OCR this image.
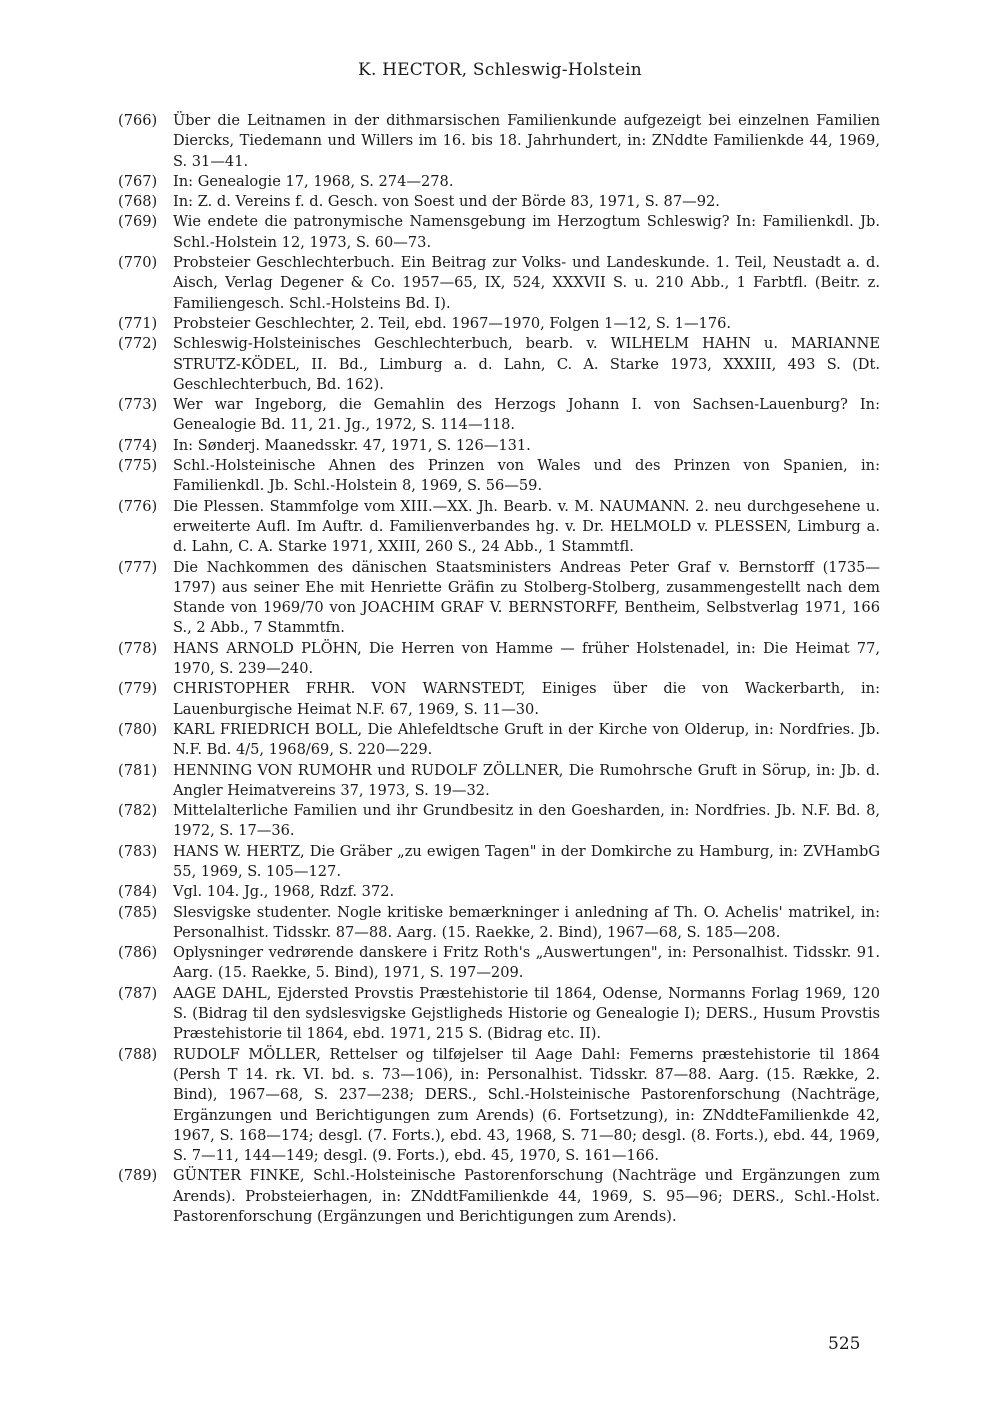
K. HECTOR, Schleswig-Holstein
(766)	Über die Leitnamen in der dithmarsischen Familienkunde aufgezeigt bei einzelnen Familien Diercks, Tiedemann und Willers im 16. bis 18. Jahrhundert, in: ZNddte Familienkde 44, 1969, S. 31—41.
(767)	In: Genealogie 17, 1968, S. 274—278.
(768)	In: Z. d. Vereins f. d. Gesch. von Soest und der Börde 83, 1971, S. 87—92.
(769)	Wie endete die patronymische Namensgebung im Herzogtum Schleswig? In: Familienkdl. Jb. Schl.-Holstein 12, 1973, S. 60—73.
(770)	Probsteier Geschlechterbuch. Ein Beitrag zur Volks- und Landeskunde. 1. Teil, Neustadt a. d. Aisch, Verlag Degener & Co. 1957—65, IX, 524, XXXVII S. u. 210 Abb., 1 Farbtfl. (Beitr. z. Familiengesch. Schl.-Holsteins Bd. I).
(771)	Probsteier Geschlechter, 2. Teil, ebd. 1967—1970, Folgen 1—12, S. 1—176.
(772)	Schleswig-Holsteinisches Geschlechterbuch, bearb. v. WILHELM HAHN u. MARIANNE STRUTZ-KÖDEL, II. Bd., Limburg a. d. Lahn, C. A. Starke 1973, XXXIII, 493 S. (Dt. Geschlechterbuch, Bd. 162).
(773)	Wer war Ingeborg, die Gemahlin des Herzogs Johann I. von Sachsen-Lauenburg? In: Genealogie Bd. 11, 21. Jg., 1972, S. 114—118.
(774)	In: Sønderj. Maanedsskr. 47, 1971, S. 126—131.
(775)	Schl.-Holsteinische Ahnen des Prinzen von Wales und des Prinzen von Spanien, in: Familienkdl. Jb. Schl.-Holstein 8, 1969, S. 56—59.
(776)	Die Plessen. Stammfolge vom XIII.—XX. Jh. Bearb. v. M. NAUMANN. 2. neu durchgesehene u. erweiterte Aufl. Im Auftr. d. Familienverbandes hg. v. Dr. HELMOLD v. PLESSEN, Limburg a. d. Lahn, C. A. Starke 1971, XXIII, 260 S., 24 Abb., 1 Stammtfl.
(777)	Die Nachkommen des dänischen Staatsministers Andreas Peter Graf v. Bernstorff (1735—1797) aus seiner Ehe mit Henriette Gräfin zu Stolberg-Stolberg, zusammengestellt nach dem Stande von 1969/70 von JOACHIM GRAF V. BERNSTORFF, Bentheim, Selbstverlag 1971, 166 S., 2 Abb., 7 Stammtfn.
(778)	HANS ARNOLD PLÖHN, Die Herren von Hamme — früher Holstenadel, in: Die Heimat 77, 1970, S. 239—240.
(779)	CHRISTOPHER FRHR. VON WARNSTEDT, Einiges über die von Wackerbarth, in: Lauenburgische Heimat N.F. 67, 1969, S. 11—30.
(780)	KARL FRIEDRICH BOLL, Die Ahlefeldtsche Gruft in der Kirche von Olderup, in: Nordfries. Jb. N.F. Bd. 4/5, 1968/69, S. 220—229.
(781)	HENNING VON RUMOHR und RUDOLF ZÖLLNER, Die Rumohrsche Gruft in Sörup, in: Jb. d. Angler Heimatvereins 37, 1973, S. 19—32.
(782)	Mittelalterliche Familien und ihr Grundbesitz in den Goesharden, in: Nordfries. Jb. N.F. Bd. 8, 1972, S. 17—36.
(783)	HANS W. HERTZ, Die Gräber „zu ewigen Tagen" in der Domkirche zu Hamburg, in: ZVHambG 55, 1969, S. 105—127.
(784)	Vgl. 104. Jg., 1968, Rdzf. 372.
(785)	Slesvigske studenter. Nogle kritiske bemærkninger i anledning af Th. O. Achelis' matrikel, in: Personalhist. Tidsskr. 87—88. Aarg. (15. Raekke, 2. Bind), 1967—68, S. 185—208.
(786)	Oplysninger vedrørende danskere i Fritz Roth's „Auswertungen", in: Personalhist. Tidsskr. 91. Aarg. (15. Raekke, 5. Bind), 1971, S. 197—209.
(787)	AAGE DAHL, Ejdersted Provstis Præstehistorie til 1864, Odense, Normanns Forlag 1969, 120 S. (Bidrag til den sydslesvigske Gejstligheds Historie og Genealogie I); DERS., Husum Provstis Præstehistorie til 1864, ebd. 1971, 215 S. (Bidrag etc. II).
(788)	RUDOLF MÖLLER, Rettelser og tilføjelser til Aage Dahl: Femerns præstehistorie til 1864 (Persh T 14. rk. VI. bd. s. 73—106), in: Personalhist. Tidsskr. 87—88. Aarg. (15. Række, 2. Bind), 1967—68, S. 237—238; DERS., Schl.-Holsteinische Pastorenforschung (Nachträge, Ergänzungen und Berichtigungen zum Arends) (6. Fortsetzung), in: ZNddteFamilienkde 42, 1967, S. 168—174; desgl. (7. Forts.), ebd. 43, 1968, S. 71—80; desgl. (8. Forts.), ebd. 44, 1969, S. 7—11, 144—149; desgl. (9. Forts.), ebd. 45, 1970, S. 161—166.
(789)	GÜNTER FINKE, Schl.-Holsteinische Pastorenforschung (Nachträge und Ergänzungen zum Arends). Probsteierhagen, in: ZNddtFamilienkde 44, 1969, S. 95—96; DERS., Schl.-Holst. Pastorenforschung (Ergänzungen und Berichtigungen zum Arends).
525
